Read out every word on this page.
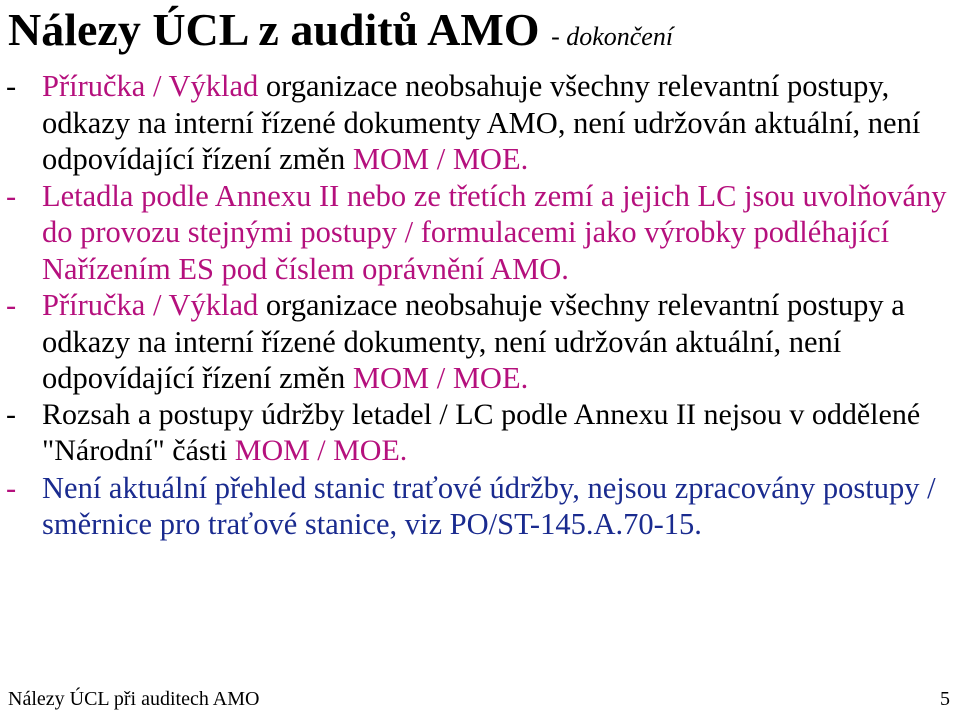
Nálezy ÚCL z auditů AMO - dokončení
- Příručka / Výklad organizace neobsahuje všechny relevantní postupy, odkazy na interní řízené dokumenty AMO, není udržován aktuální, není odpovídající řízení změn MOM / MOE.
- Letadla podle Annexu II nebo ze třetích zemí a jejich LC jsou uvolňovány do provozu stejnými postupy / formulacemi jako výrobky podléhající Nařízením ES pod číslem oprávnění AMO.
- Příručka / Výklad organizace neobsahuje všechny relevantní postupy a odkazy na interní řízené dokumenty, není udržován aktuální, není odpovídající řízení změn MOM / MOE.
- Rozsah a postupy údržby letadel / LC podle Annexu II nejsou v oddělené "Národní" části MOM / MOE.
- Není aktuální přehled stanic traťové údržby, nejsou zpracovány postupy / směrnice pro traťové stanice, viz PO/ST-145.A.70-15.
Nálezy ÚCL při auditech AMO	5
